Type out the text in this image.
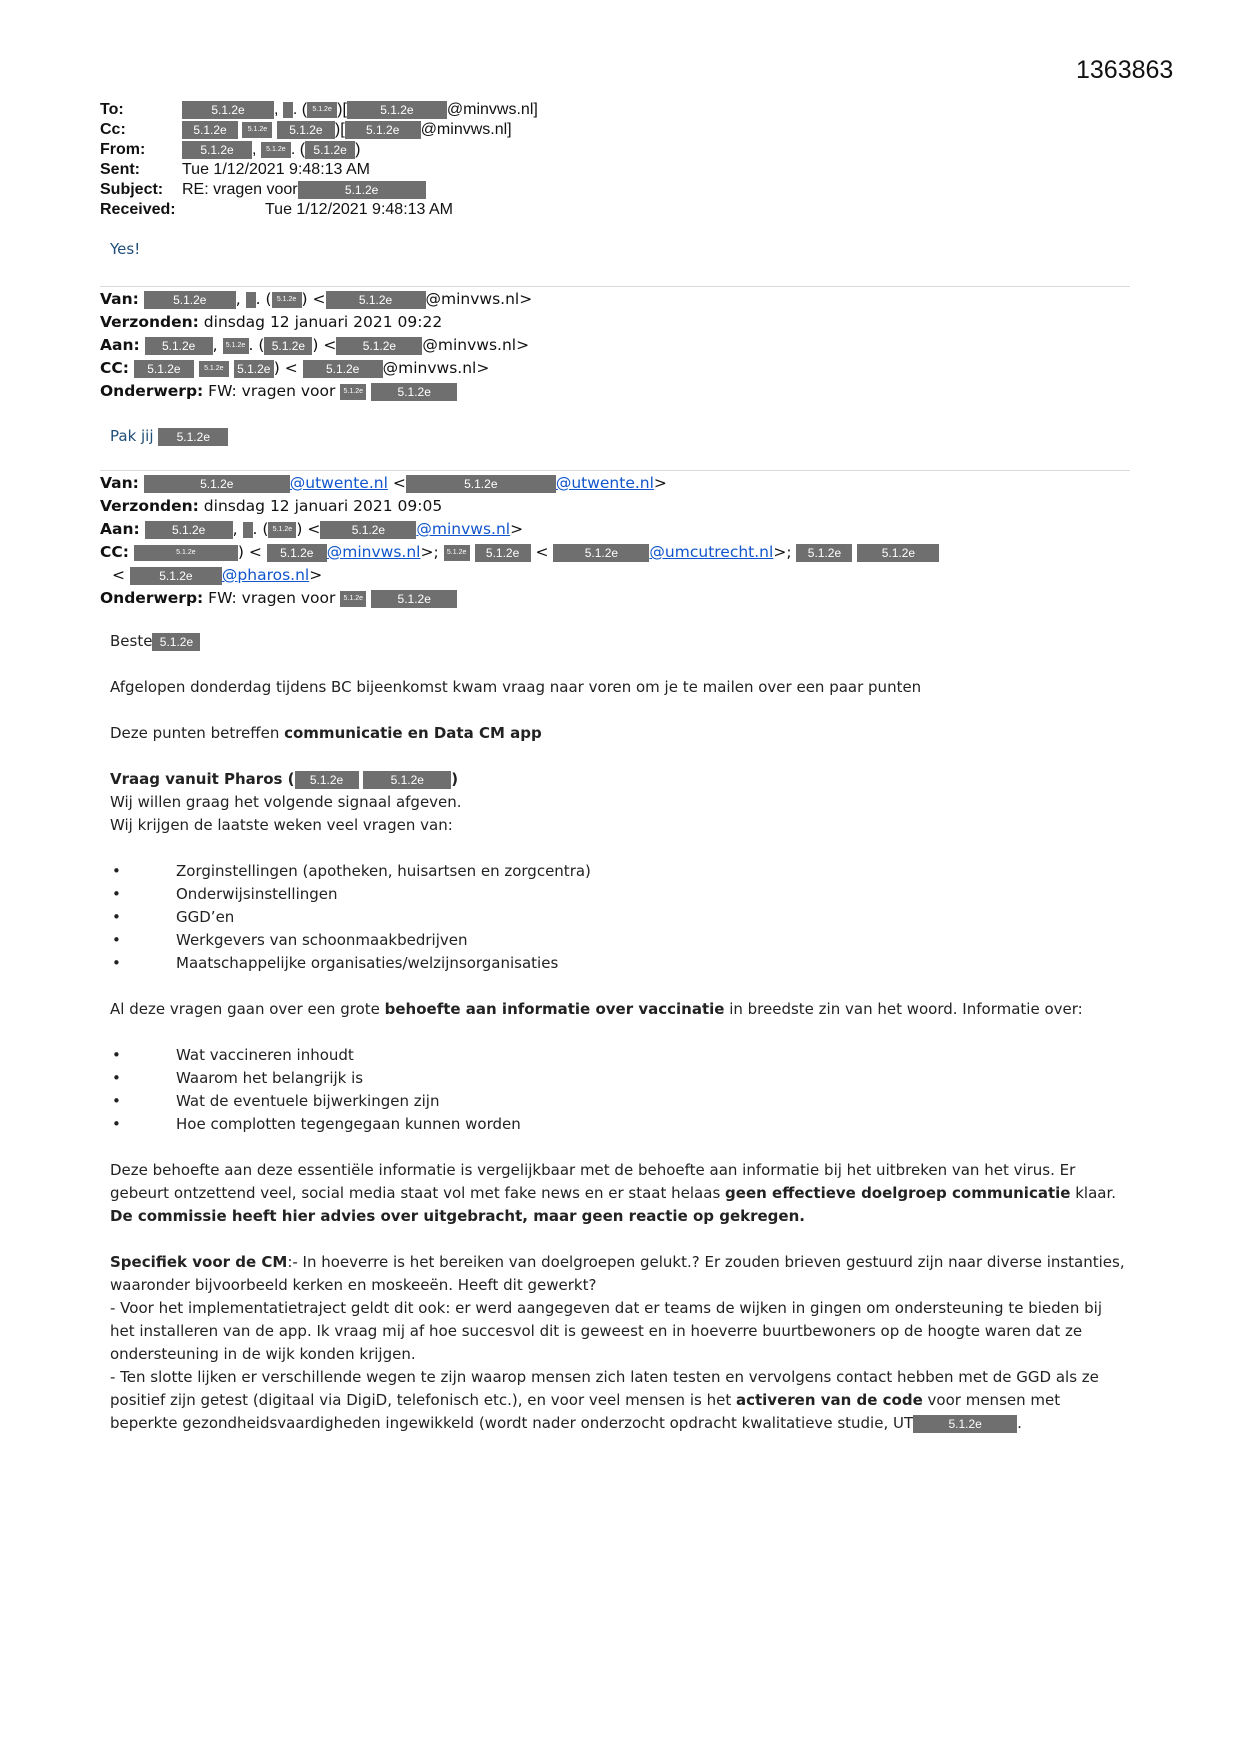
1363863
To:	5.1.2e , . ( 5.1.2e )[	5.1.2e @minvws.nl]
Cc:	5.1.2e	5.1.2e 5.1.2e )[ 5.1.2e @minvws.nl]
From:	5.1.2e , 5.1.2e . ( 5.1.2e )
Sent:	Tue 1/12/2021 9:48:13 AM
Subject: RE: vragen voor	5.1.2e
Received:	Tue 1/12/2021 9:48:13 AM
Yes!
Van:	5.1.2e , . ( 5.1.2e ) <	5.1.2e @minvws.nl>
Verzonden: dinsdag 12 januari 2021 09:22
Aan: 5.1.2e , 5.1.2e . ( 5.1.2e ) < 5.1.2e @minvws.nl>
CC: 5.1.2e	5.1.2e 5.1.2e ) < 5.1.2e @minvws.nl>
Onderwerp: FW: vragen voor 5.1.2e	5.1.2e
Pak jij 5.1.2e
Van:	5.1.2e	@utwente.nl <	5.1.2e	@utwente.nl>
Verzonden: dinsdag 12 januari 2021 09:05
Aan:	5.1.2e , . ( 5.1.2e ) <	5.1.2e @minvws.nl>
CC:	5.1.2e	) < 5.1.2e @minvws.nl>; 5.1.2e 5.1.2e <	5.1.2e @umcutrecht.nl>; 5.1.2e	5.1.2e
< 5.1.2e @pharos.nl>
Onderwerp: FW: vragen voor 5.1.2e	5.1.2e

Beste 5.1.2e

Afgelopen donderdag tijdens BC bijeenkomst kwam vraag naar voren om je te mailen over een paar punten

Deze punten betreffen communicatie en Data CM app

Vraag vanuit Pharos ( 5.1.2e	5.1.2e )
Wij willen graag het volgende signaal afgeven.
Wij krijgen de laatste weken veel vragen van:
• Zorginstellingen (apotheken, huisartsen en zorgcentra)
• Onderwijsinstellingen
• GGD’en
• Werkgevers van schoonmaakbedrijven
• Maatschappelijke organisaties/welzijnsorganisaties

Al deze vragen gaan over een grote behoefte aan informatie over vaccinatie in breedste zin van het woord. Informatie over:

• Wat vaccineren inhoudt
• Waarom het belangrijk is
• Wat de eventuele bijwerkingen zijn
• Hoe complotten tegengegaan kunnen worden

Deze behoefte aan deze essentiële informatie is vergelijkbaar met de behoefte aan informatie bij het uitbreken van het virus. Er gebeurt ontzettend veel, social media staat vol met fake news en er staat helaas geen effectieve doelgroep communicatie klaar.
De commissie heeft hier advies over uitgebracht, maar geen reactie op gekregen.

Specifiek voor de CM:- In hoeverre is het bereiken van doelgroepen gelukt.? Er zouden brieven gestuurd zijn naar diverse instanties, waaronder bijvoorbeeld kerken en moskeeën. Heeft dit gewerkt?
- Voor het implementatietraject geldt dit ook: er werd aangegeven dat er teams de wijken in gingen om ondersteuning te bieden bij het installeren van de app. Ik vraag mij af hoe succesvol dit is geweest en in hoeverre buurtbewoners op de hoogte waren dat ze ondersteuning in de wijk konden krijgen.
- Ten slotte lijken er verschillende wegen te zijn waarop mensen zich laten testen en vervolgens contact hebben met de GGD als ze positief zijn getest (digitaal via DigiD, telefonisch etc.), en voor veel mensen is het activeren van de code voor mensen met beperkte gezondheidsvaardigheden ingewikkeld (wordt nader onderzocht opdracht kwalitatieve studie, UT	5.1.2e .
